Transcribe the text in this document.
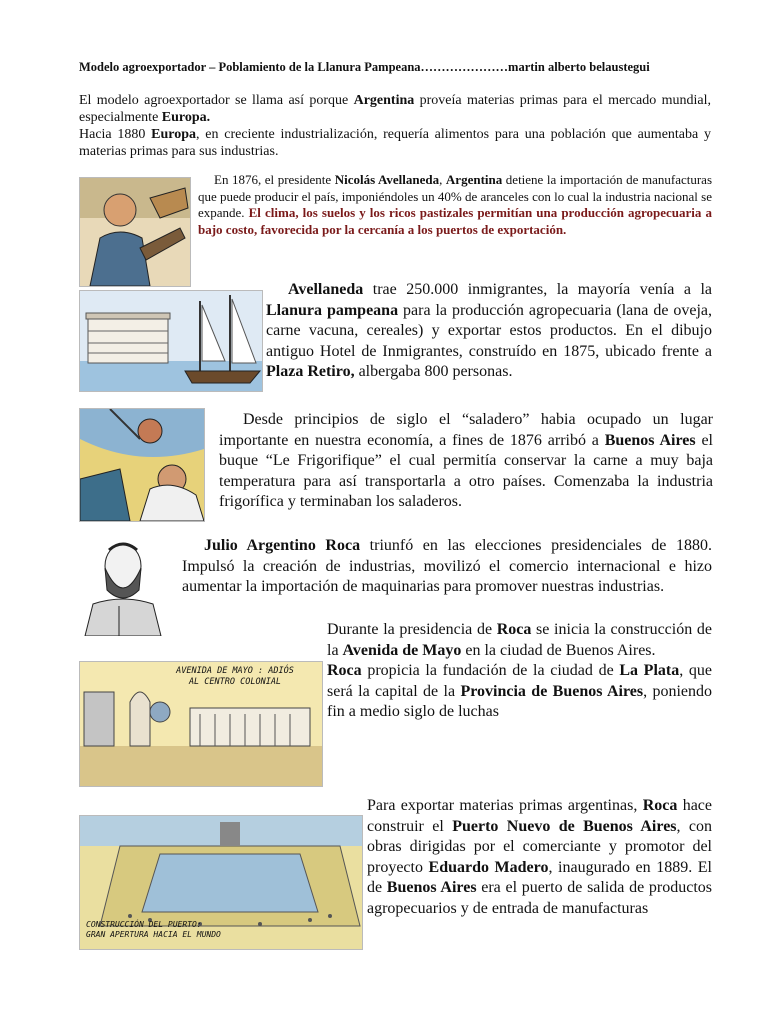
Modelo agroexportador – Poblamiento de la Llanura Pampeana…………………martin alberto belaustegui

El modelo agroexportador se llama así porque Argentina proveía materias primas para el mercado mundial, especialmente Europa.

Hacia 1880 Europa, en creciente industrialización, requería alimentos para una población que aumentaba y materias primas para sus industrias.

En 1876, el presidente Nicolás Avellaneda, Argentina detiene la importación de manufacturas que puede producir el país, imponiéndoles un 40% de aranceles con lo cual la industria nacional se expande. El clima, los suelos y los ricos pastizales permitían una producción agropecuaria a bajo costo, favorecida por la cercanía a los puertos de exportación.

Avellaneda trae 250.000 inmigrantes, la mayoría venía a la Llanura pampeana para la producción agropecuaria (lana de oveja, carne vacuna, cereales) y exportar estos productos. En el dibujo antiguo Hotel de Inmigrantes, construído en 1875, ubicado frente a Plaza Retiro, albergaba 800 personas.

Desde principios de siglo el “saladero” habia ocupado un lugar importante en nuestra economía, a fines de 1876 arribó a Buenos Aires el buque “Le Frigorifique” el cual permitía conservar la carne a muy baja temperatura para así transportarla a otro países. Comenzaba la industria frigorífica y terminaban los saladeros.

Julio Argentino Roca triunfó en las elecciones presidenciales de 1880. Impulsó la creación de industrias, movilizó el comercio internacional e hizo aumentar la importación de maquinarias para promover nuestras industrias.

AVENIDA DE MAYO : ADIÓS
AL CENTRO COLONIAL

Durante la presidencia de Roca se inicia la construcción de la Avenida de Mayo en la ciudad de Buenos Aires.

Roca propicia la fundación de la ciudad de La Plata, que será la capital de la Provincia de Buenos Aires, poniendo fin a medio siglo de luchas

CONSTRUCCIÓN DEL PUERTO:
GRAN APERTURA HACIA EL MUNDO

Para exportar materias primas argentinas, Roca hace construir el Puerto Nuevo de Buenos Aires, con obras dirigidas por el comerciante y promotor del proyecto Eduardo Madero, inaugurado en 1889. El de Buenos Aires era el puerto de salida de productos agropecuarios y de entrada de manufacturas
